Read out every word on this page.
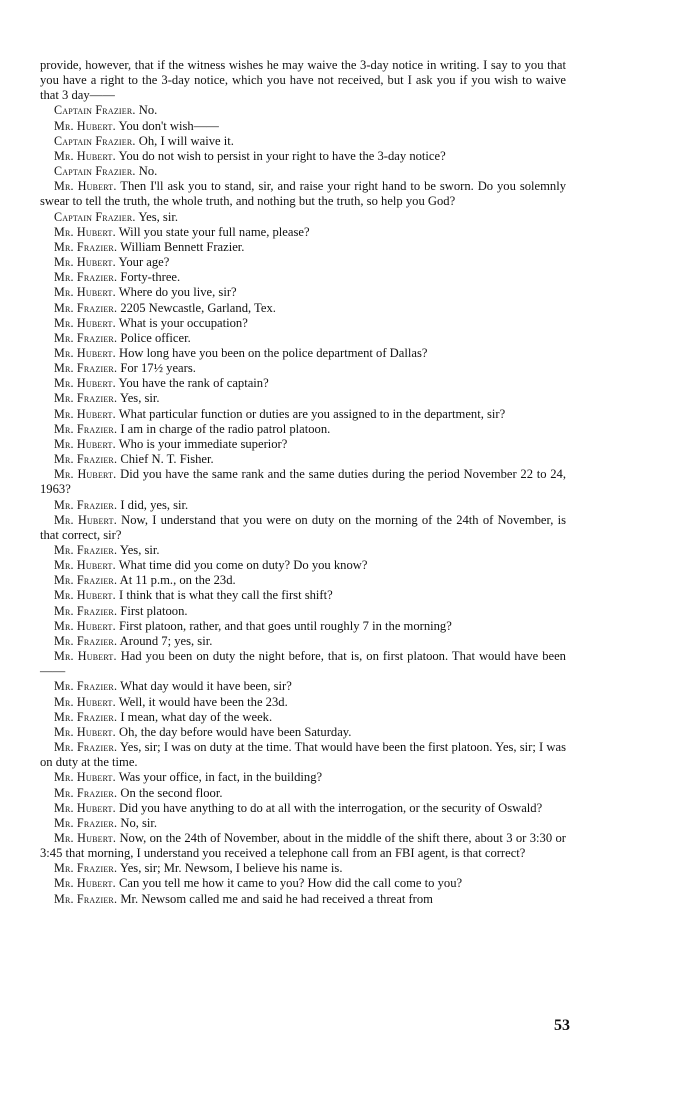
provide, however, that if the witness wishes he may waive the 3-day notice in writing. I say to you that you have a right to the 3-day notice, which you have not received, but I ask you if you wish to waive that 3 day——

Captain Frazier. No.

Mr. Hubert. You don't wish——

Captain Frazier. Oh, I will waive it.

Mr. Hubert. You do not wish to persist in your right to have the 3-day notice?

Captain Frazier. No.

Mr. Hubert. Then I'll ask you to stand, sir, and raise your right hand to be sworn. Do you solemnly swear to tell the truth, the whole truth, and nothing but the truth, so help you God?

Captain Frazier. Yes, sir.

Mr. Hubert. Will you state your full name, please?

Mr. Frazier. William Bennett Frazier.

Mr. Hubert. Your age?

Mr. Frazier. Forty-three.

Mr. Hubert. Where do you live, sir?

Mr. Frazier. 2205 Newcastle, Garland, Tex.

Mr. Hubert. What is your occupation?

Mr. Frazier. Police officer.

Mr. Hubert. How long have you been on the police department of Dallas?

Mr. Frazier. For 17½ years.

Mr. Hubert. You have the rank of captain?

Mr. Frazier. Yes, sir.

Mr. Hubert. What particular function or duties are you assigned to in the department, sir?

Mr. Frazier. I am in charge of the radio patrol platoon.

Mr. Hubert. Who is your immediate superior?

Mr. Frazier. Chief N. T. Fisher.

Mr. Hubert. Did you have the same rank and the same duties during the period November 22 to 24, 1963?

Mr. Frazier. I did, yes, sir.

Mr. Hubert. Now, I understand that you were on duty on the morning of the 24th of November, is that correct, sir?

Mr. Frazier. Yes, sir.

Mr. Hubert. What time did you come on duty? Do you know?

Mr. Frazier. At 11 p.m., on the 23d.

Mr. Hubert. I think that is what they call the first shift?

Mr. Frazier. First platoon.

Mr. Hubert. First platoon, rather, and that goes until roughly 7 in the morning?

Mr. Frazier. Around 7; yes, sir.

Mr. Hubert. Had you been on duty the night before, that is, on first platoon. That would have been——

Mr. Frazier. What day would it have been, sir?

Mr. Hubert. Well, it would have been the 23d.

Mr. Frazier. I mean, what day of the week.

Mr. Hubert. Oh, the day before would have been Saturday.

Mr. Frazier. Yes, sir; I was on duty at the time. That would have been the first platoon. Yes, sir; I was on duty at the time.

Mr. Hubert. Was your office, in fact, in the building?

Mr. Frazier. On the second floor.

Mr. Hubert. Did you have anything to do at all with the interrogation, or the security of Oswald?

Mr. Frazier. No, sir.

Mr. Hubert. Now, on the 24th of November, about in the middle of the shift there, about 3 or 3:30 or 3:45 that morning, I understand you received a telephone call from an FBI agent, is that correct?

Mr. Frazier. Yes, sir; Mr. Newsom, I believe his name is.

Mr. Hubert. Can you tell me how it came to you? How did the call come to you?

Mr. Frazier. Mr. Newsom called me and said he had received a threat from

53
